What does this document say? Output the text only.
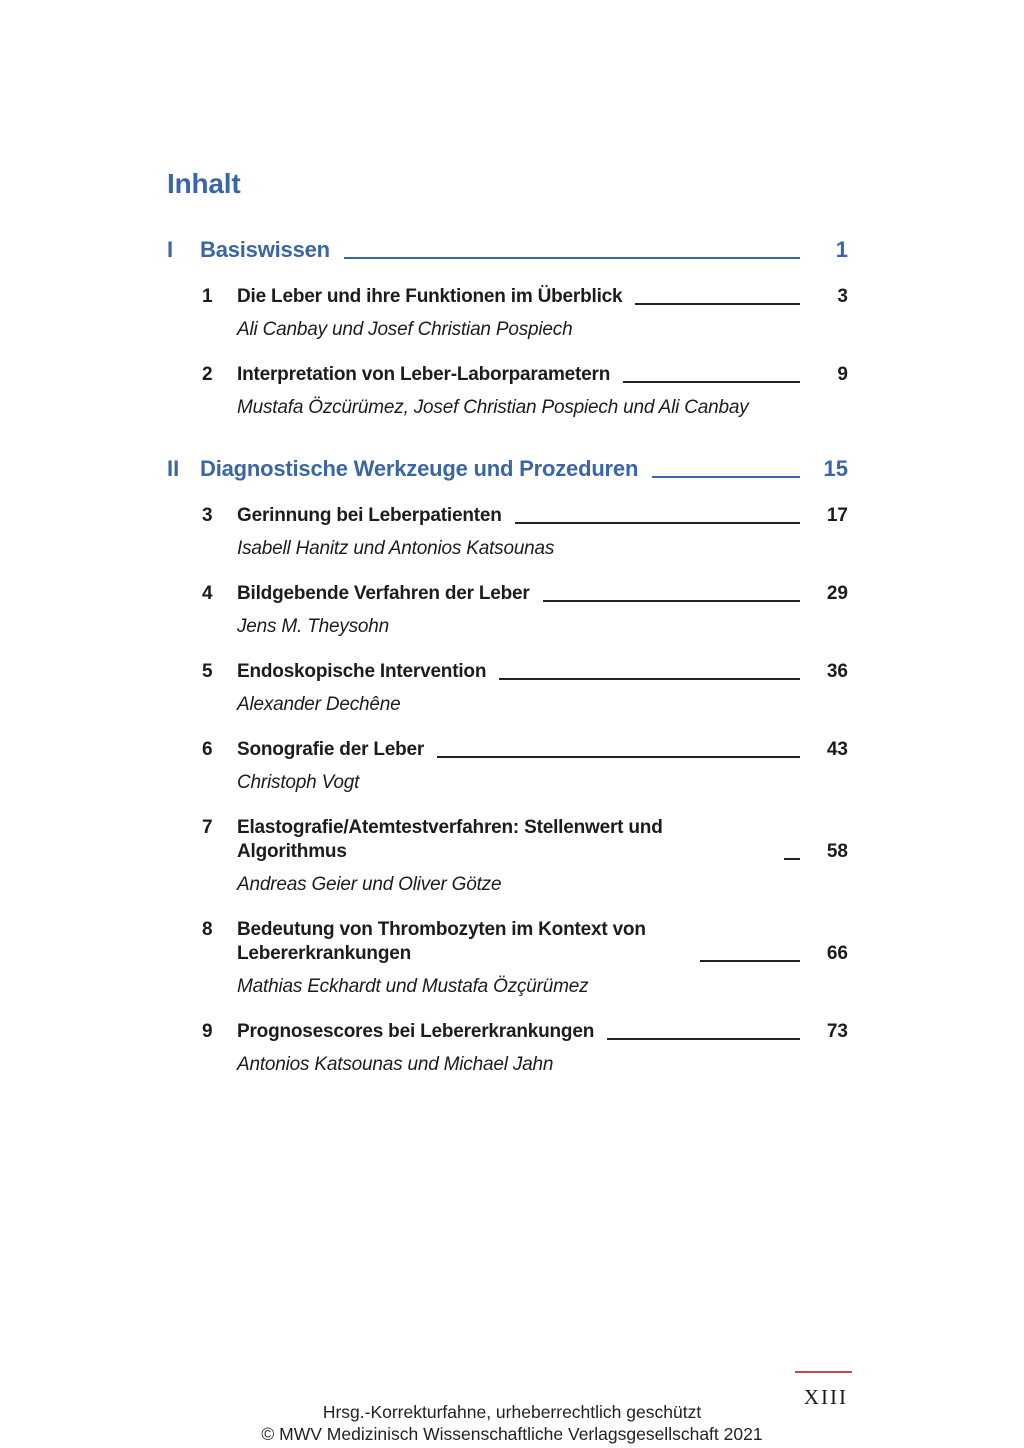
Inhalt
I	Basiswissen	1
1	Die Leber und ihre Funktionen im Überblick	3
Ali Canbay und Josef Christian Pospiech
2	Interpretation von Leber-Laborparametern	9
Mustafa Özcürümez, Josef Christian Pospiech und Ali Canbay
II Diagnostische Werkzeuge und Prozeduren	15
3	Gerinnung bei Leberpatienten	17
Isabell Hanitz und Antonios Katsounas
4	Bildgebende Verfahren der Leber	29
Jens M. Theysohn
5	Endoskopische Intervention	36
Alexander Dechêne
6	Sonografie der Leber	43
Christoph Vogt
7	Elastografie/Atemtestverfahren: Stellenwert und Algorithmus	58
Andreas Geier und Oliver Götze
8	Bedeutung von Thrombozyten im Kontext von Lebererkrankungen	66
Mathias Eckhardt und Mustafa Özçürümez
9	Prognosescores bei Lebererkrankungen	73
Antonios Katsounas und Michael Jahn
XIII
Hrsg.-Korrekturfahne, urheberrechtlich geschützt
© MWV Medizinisch Wissenschaftliche Verlagsgesellschaft 2021
